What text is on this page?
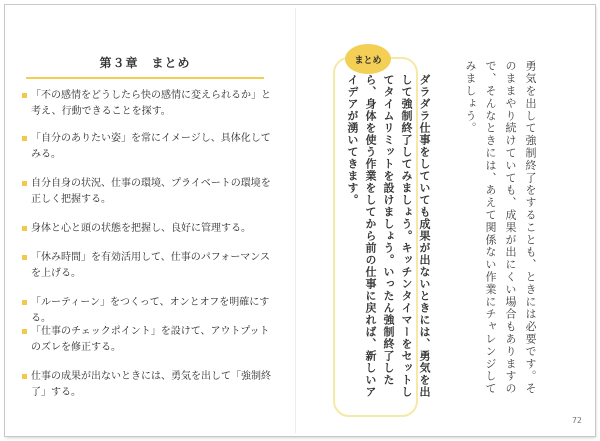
第３章　まとめ
「不の感情をどうしたら快の感情に変えられるか」と考え、行動できることを探す。
「自分のありたい姿」を常にイメージし、具体化してみる。
自分自身の状況、仕事の環境、プライベートの環境を正しく把握する。
身体と心と頭の状態を把握し、良好に管理する。
「休み時間」を有効活用して、仕事のパフォーマンスを上げる。
「ルーティーン」をつくって、オンとオフを明確にする。
「仕事のチェックポイント」を設けて、アウトプットのズレを修正する。
仕事の成果が出ないときには、勇気を出して「強制終了」する。
まとめ
ダラダラ仕事をしていても成果が出ないときには、勇気を出して強制終了してみましょう。キッチンタイマーをセットしてタイムリミットを設けましょう。いったん強制終了したら、身体を使う作業をしてから前の仕事に戻れば、新しいアイデアが湧いてきます。	勇気を出して強制終了をすることも、ときには必要です。そのままやり続けていても、成果が出にくい場合もありますので、そんなときには、あえて関係ない作業にチャレンジしてみましょう。
72
